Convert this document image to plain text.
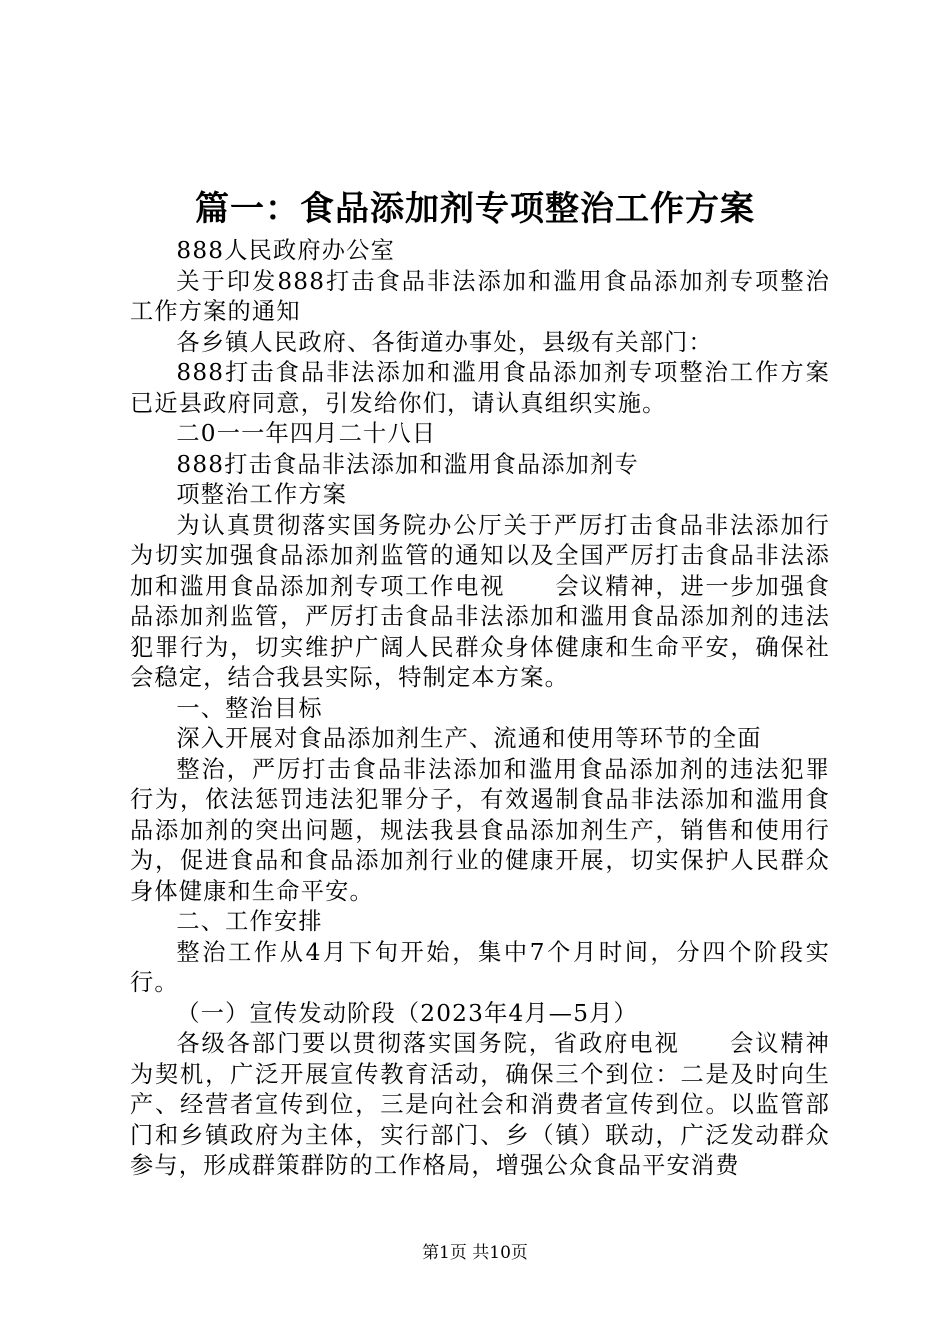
篇一：食品添加剂专项整治工作方案

888人民政府办公室

关于印发888打击食品非法添加和滥用食品添加剂专项整治工作方案的通知

各乡镇人民政府、各街道办事处，县级有关部门：

888打击食品非法添加和滥用食品添加剂专项整治工作方案已近县政府同意，引发给你们，请认真组织实施。

二0一一年四月二十八日

888打击食品非法添加和滥用食品添加剂专

项整治工作方案

为认真贯彻落实国务院办公厅关于严厉打击食品非法添加行为切实加强食品添加剂监管的通知以及全国严厉打击食品非法添加和滥用食品添加剂专项工作电视　　会议精神，进一步加强食品添加剂监管，严厉打击食品非法添加和滥用食品添加剂的违法犯罪行为，切实维护广阔人民群众身体健康和生命平安，确保社会稳定，结合我县实际，特制定本方案。

一、整治目标

深入开展对食品添加剂生产、流通和使用等环节的全面

整治，严厉打击食品非法添加和滥用食品添加剂的违法犯罪行为，依法惩罚违法犯罪分子，有效遏制食品非法添加和滥用食品添加剂的突出问题，规法我县食品添加剂生产，销售和使用行为，促进食品和食品添加剂行业的健康开展，切实保护人民群众身体健康和生命平安。

二、工作安排

整治工作从4月下旬开始，集中7个月时间，分四个阶段实行。

（一）宣传发动阶段（2023年4月—5月）

各级各部门要以贯彻落实国务院，省政府电视　　会议精神为契机，广泛开展宣传教育活动，确保三个到位：二是及时向生产、经营者宣传到位，三是向社会和消费者宣传到位。以监管部门和乡镇政府为主体，实行部门、乡（镇）联动，广泛发动群众参与，形成群策群防的工作格局，增强公众食品平安消费

第1页 共10页
